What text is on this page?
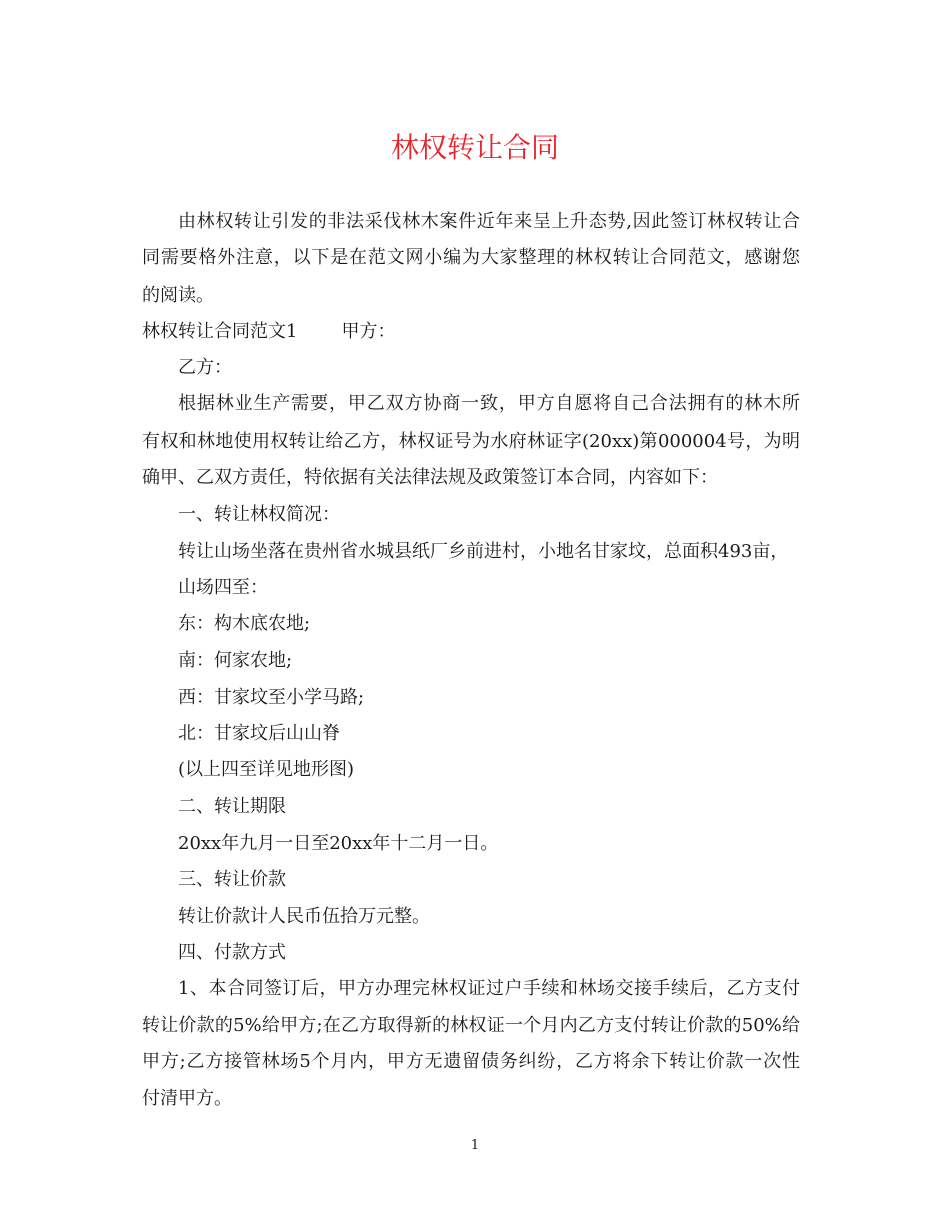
林权转让合同
由林权转让引发的非法采伐林木案件近年来呈上升态势,因此签订林权转让合
同需要格外注意，以下是在范文网小编为大家整理的林权转让合同范文，感谢您
的阅读。
林权转让合同范文1 甲方：
乙方：
根据林业生产需要，甲乙双方协商一致，甲方自愿将自己合法拥有的林木所
有权和林地使用权转让给乙方，林权证号为水府林证字(20xx)第000004号，为明
确甲、乙双方责任，特依据有关法律法规及政策签订本合同，内容如下：
一、转让林权简况：
转让山场坐落在贵州省水城县纸厂乡前进村，小地名甘家坟，总面积493亩，
山场四至：
东：构木底农地;
南：何家农地;
西：甘家坟至小学马路;
北：甘家坟后山山脊
(以上四至详见地形图)
二、转让期限
20xx年九月一日至20xx年十二月一日。
三、转让价款
转让价款计人民币伍拾万元整。
四、付款方式
1、本合同签订后，甲方办理完林权证过户手续和林场交接手续后，乙方支付
转让价款的5%给甲方;在乙方取得新的林权证一个月内乙方支付转让价款的50%给
甲方;乙方接管林场5个月内，甲方无遗留债务纠纷，乙方将余下转让价款一次性
付清甲方。
1
